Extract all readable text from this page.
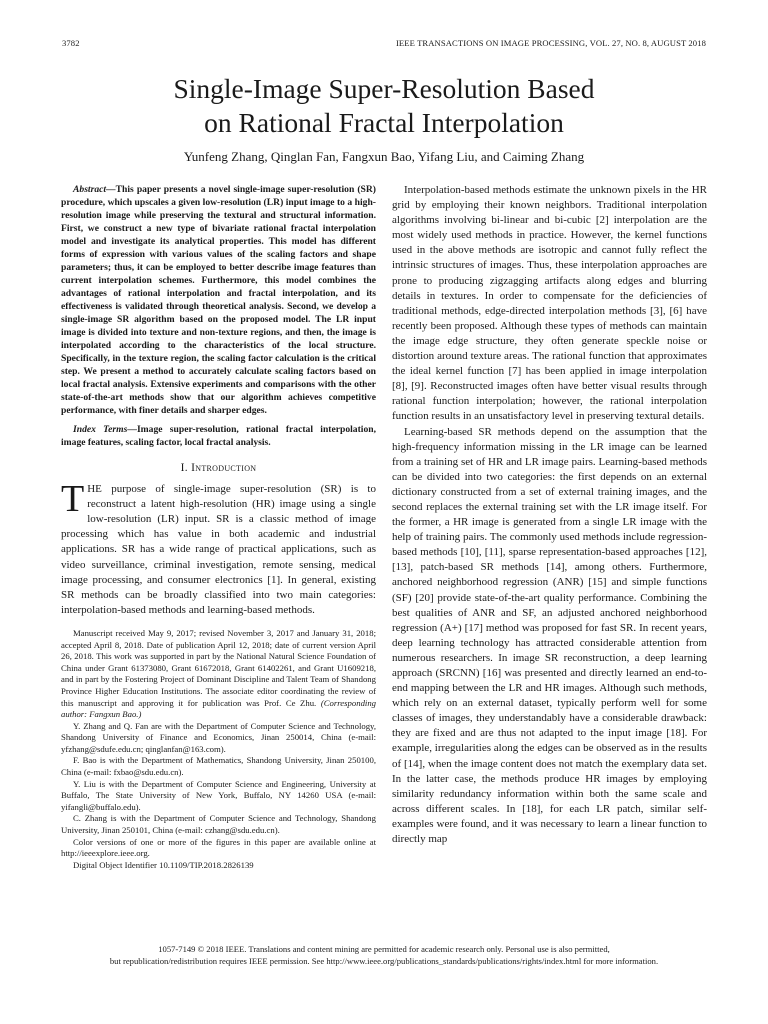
3782	IEEE TRANSACTIONS ON IMAGE PROCESSING, VOL. 27, NO. 8, AUGUST 2018
Single-Image Super-Resolution Based
on Rational Fractal Interpolation
Yunfeng Zhang, Qinglan Fan, Fangxun Bao, Yifang Liu, and Caiming Zhang

Abstract—This paper presents a novel single-image super-resolution (SR) procedure, which upscales a given low-resolution (LR) input image to a high-resolution image while preserving the textural and structural information. First, we construct a new type of bivariate rational fractal interpolation model and investigate its analytical properties. This model has different forms of expression with various values of the scaling factors and shape parameters; thus, it can be employed to better describe image features than current interpolation schemes. Furthermore, this model combines the advantages of rational interpolation and fractal interpolation, and its effectiveness is validated through theoretical analysis. Second, we develop a single-image SR algorithm based on the proposed model. The LR input image is divided into texture and non-texture regions, and then, the image is interpolated according to the characteristics of the local structure. Specifically, in the texture region, the scaling factor calculation is the critical step. We present a method to accurately calculate scaling factors based on local fractal analysis. Extensive experiments and comparisons with the other state-of-the-art methods show that our algorithm achieves competitive performance, with finer details and sharper edges.

Index Terms—Image super-resolution, rational fractal interpolation, image features, scaling factor, local fractal analysis.

I. Introduction

THE purpose of single-image super-resolution (SR) is to reconstruct a latent high-resolution (HR) image using a single low-resolution (LR) input. SR is a classic method of image processing which has value in both academic and industrial applications. SR has a wide range of practical applications, such as video surveillance, criminal investigation, remote sensing, medical image processing, and consumer electronics [1]. In general, existing SR methods can be broadly classified into two main categories: interpolation-based methods and learning-based methods.

Manuscript received May 9, 2017; revised November 3, 2017 and January 31, 2018; accepted April 8, 2018. Date of publication April 12, 2018; date of current version April 26, 2018. This work was supported in part by the National Natural Science Foundation of China under Grant 61373080, Grant 61672018, Grant 61402261, and Grant U1609218, and in part by the Fostering Project of Dominant Discipline and Talent Team of Shandong Province Higher Education Institutions. The associate editor coordinating the review of this manuscript and approving it for publication was Prof. Ce Zhu. (Corresponding author: Fangxun Bao.)

Y. Zhang and Q. Fan are with the Department of Computer Science and Technology, Shandong University of Finance and Economics, Jinan 250014, China (e-mail: yfzhang@sdufe.edu.cn; qinglanfan@163.com).

F. Bao is with the Department of Mathematics, Shandong University, Jinan 250100, China (e-mail: fxbao@sdu.edu.cn).

Y. Liu is with the Department of Computer Science and Engineering, University at Buffalo, The State University of New York, Buffalo, NY 14260 USA (e-mail: yifangli@buffalo.edu).

C. Zhang is with the Department of Computer Science and Technology, Shandong University, Jinan 250101, China (e-mail: czhang@sdu.edu.cn).

Color versions of one or more of the figures in this paper are available online at http://ieeexplore.ieee.org.

Digital Object Identifier 10.1109/TIP.2018.2826139

Interpolation-based methods estimate the unknown pixels in the HR grid by employing their known neighbors. Traditional interpolation algorithms involving bi-linear and bi-cubic [2] interpolation are the most widely used methods in practice. However, the kernel functions used in the above methods are isotropic and cannot fully reflect the intrinsic structures of images. Thus, these interpolation approaches are prone to producing zigzagging artifacts along edges and blurring details in textures. In order to compensate for the deficiencies of traditional methods, edge-directed interpolation methods [3], [6] have recently been proposed. Although these types of methods can maintain the image edge structure, they often generate speckle noise or distortion around texture areas. The rational function that approximates the ideal kernel function [7] has been applied in image interpolation [8], [9]. Reconstructed images often have better visual results through rational function interpolation; however, the rational interpolation function results in an unsatisfactory level in preserving textural details.

Learning-based SR methods depend on the assumption that the high-frequency information missing in the LR image can be learned from a training set of HR and LR image pairs. Learning-based methods can be divided into two categories: the first depends on an external dictionary constructed from a set of external training images, and the second replaces the external training set with the LR image itself. For the former, a HR image is generated from a single LR image with the help of training pairs. The commonly used methods include regression-based methods [10], [11], sparse representation-based approaches [12], [13], patch-based SR methods [14], among others. Furthermore, anchored neighborhood regression (ANR) [15] and simple functions (SF) [20] provide state-of-the-art quality performance. Combining the best qualities of ANR and SF, an adjusted anchored neighborhood regression (A+) [17] method was proposed for fast SR. In recent years, deep learning technology has attracted considerable attention from numerous researchers. In image SR reconstruction, a deep learning approach (SRCNN) [16] was presented and directly learned an end-to-end mapping between the LR and HR images. Although such methods, which rely on an external dataset, typically perform well for some classes of images, they understandably have a considerable drawback: they are fixed and are thus not adapted to the input image [18]. For example, irregularities along the edges can be observed as in the results of [14], when the image content does not match the exemplary data set. In the latter case, the methods produce HR images by employing similarity redundancy information within both the same scale and across different scales. In [18], for each LR patch, similar self-examples were found, and it was necessary to learn a linear function to directly map

1057-7149 © 2018 IEEE. Translations and content mining are permitted for academic research only. Personal use is also permitted,
but republication/redistribution requires IEEE permission. See http://www.ieee.org/publications_standards/publications/rights/index.html for more information.
